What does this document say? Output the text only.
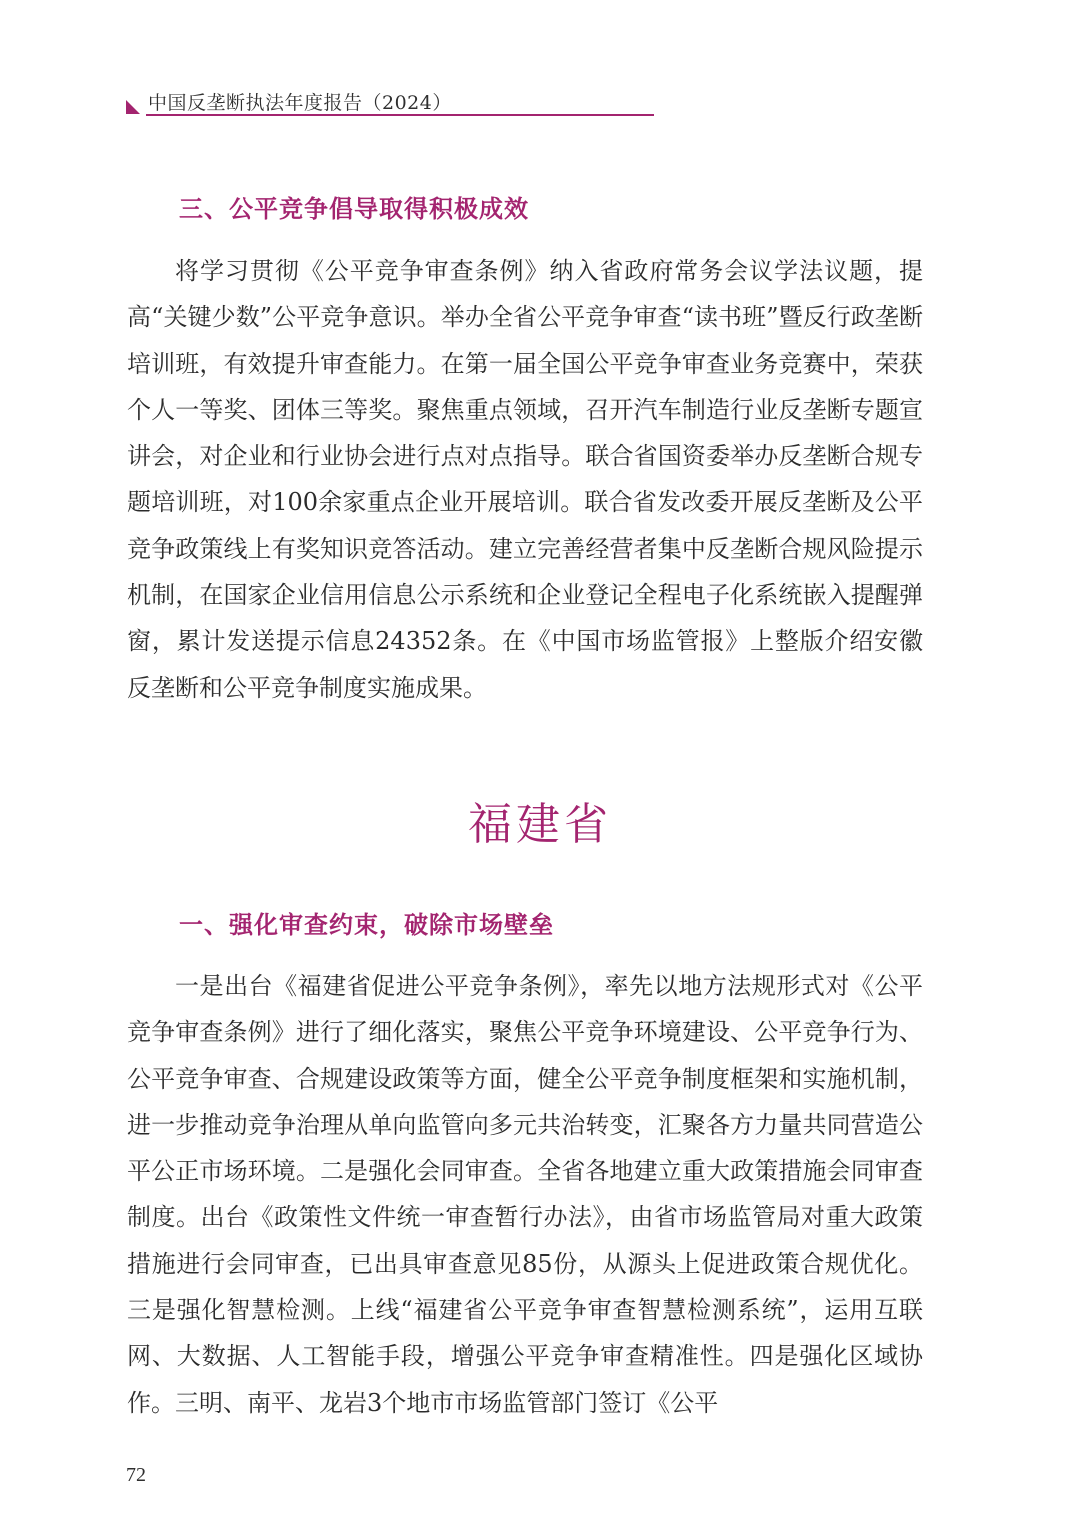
中国反垄断执法年度报告（2024）
三、公平竞争倡导取得积极成效

将学习贯彻《公平竞争审查条例》纳入省政府常务会议学法议题，提高“关键少数”公平竞争意识。举办全省公平竞争审查“读书班”暨反行政垄断培训班，有效提升审查能力。在第一届全国公平竞争审查业务竞赛中，荣获个人一等奖、团体三等奖。聚焦重点领域，召开汽车制造行业反垄断专题宣讲会，对企业和行业协会进行点对点指导。联合省国资委举办反垄断合规专题培训班，对100余家重点企业开展培训。联合省发改委开展反垄断及公平竞争政策线上有奖知识竞答活动。建立完善经营者集中反垄断合规风险提示机制，在国家企业信用信息公示系统和企业登记全程电子化系统嵌入提醒弹窗，累计发送提示信息24352条。在《中国市场监管报》上整版介绍安徽反垄断和公平竞争制度实施成果。

福建省
一、强化审查约束，破除市场壁垒

一是出台《福建省促进公平竞争条例》，率先以地方法规形式对《公平竞争审查条例》进行了细化落实，聚焦公平竞争环境建设、公平竞争行为、公平竞争审查、合规建设政策等方面，健全公平竞争制度框架和实施机制，进一步推动竞争治理从单向监管向多元共治转变，汇聚各方力量共同营造公平公正市场环境。二是强化会同审查。全省各地建立重大政策措施会同审查制度。出台《政策性文件统一审查暂行办法》，由省市场监管局对重大政策措施进行会同审查，已出具审查意见85份，从源头上促进政策合规优化。三是强化智慧检测。上线“福建省公平竞争审查智慧检测系统”，运用互联网、大数据、人工智能手段，增强公平竞争审查精准性。四是强化区域协作。三明、南平、龙岩3个地市市场监管部门签订《公平

72
